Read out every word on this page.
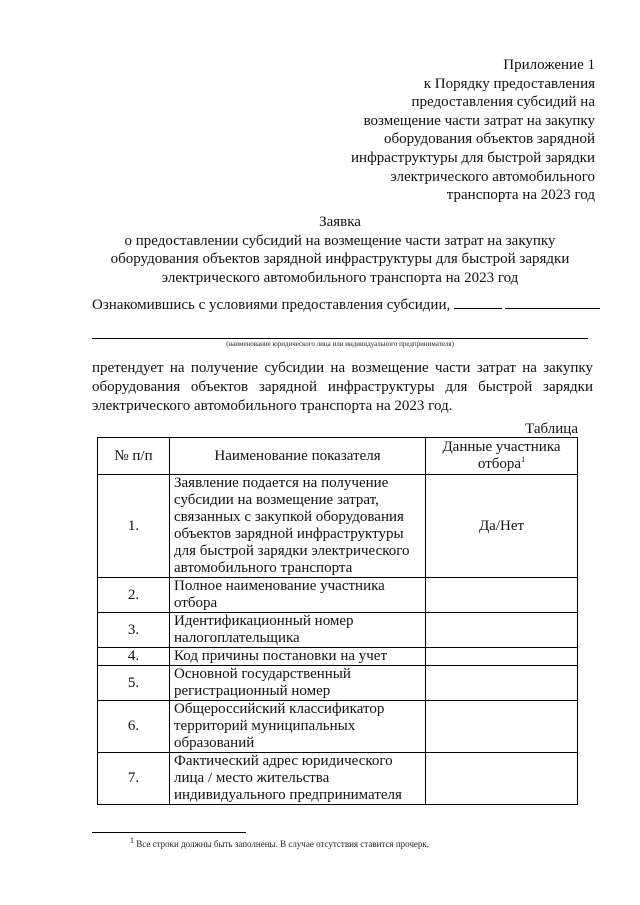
Приложение 1
к Порядку предоставления
предоставления субсидий на
возмещение части затрат на закупку
оборудования объектов зарядной
инфраструктуры для быстрой зарядки
электрического автомобильного
транспорта на 2023 год
Заявка
о предоставлении субсидий на возмещение части затрат на закупку
оборудования объектов зарядной инфраструктуры для быстрой зарядки
электрического автомобильного транспорта на 2023 год
Ознакомившись с условиями предоставления субсидии,
(наименование юридического лица или индивидуального предпринимателя)
претендует на получение субсидии на возмещение части затрат на закупку оборудования объектов зарядной инфраструктуры для быстрой зарядки электрического автомобильного транспорта на 2023 год.
Таблица
№ п/п	Наименование показателя	Данные участника отбора$^1$
1.	Заявление подается на получение субсидии на возмещение затрат, связанных с закупкой оборудования объектов зарядной инфраструктуры для быстрой зарядки электрического автомобильного транспорта	Да/Нет
2.	Полное наименование участника отбора	
3.	Идентификационный номер налогоплательщика	
4.	Код причины постановки на учет	
5.	Основной государственный регистрационный номер	
6.	Общероссийский классификатор территорий муниципальных образований	
7.	Фактический адрес юридического лица / место жительства индивидуального предпринимателя	
$^1$ Все строки должны быть заполнены. В случае отсутствия ставится прочерк.
